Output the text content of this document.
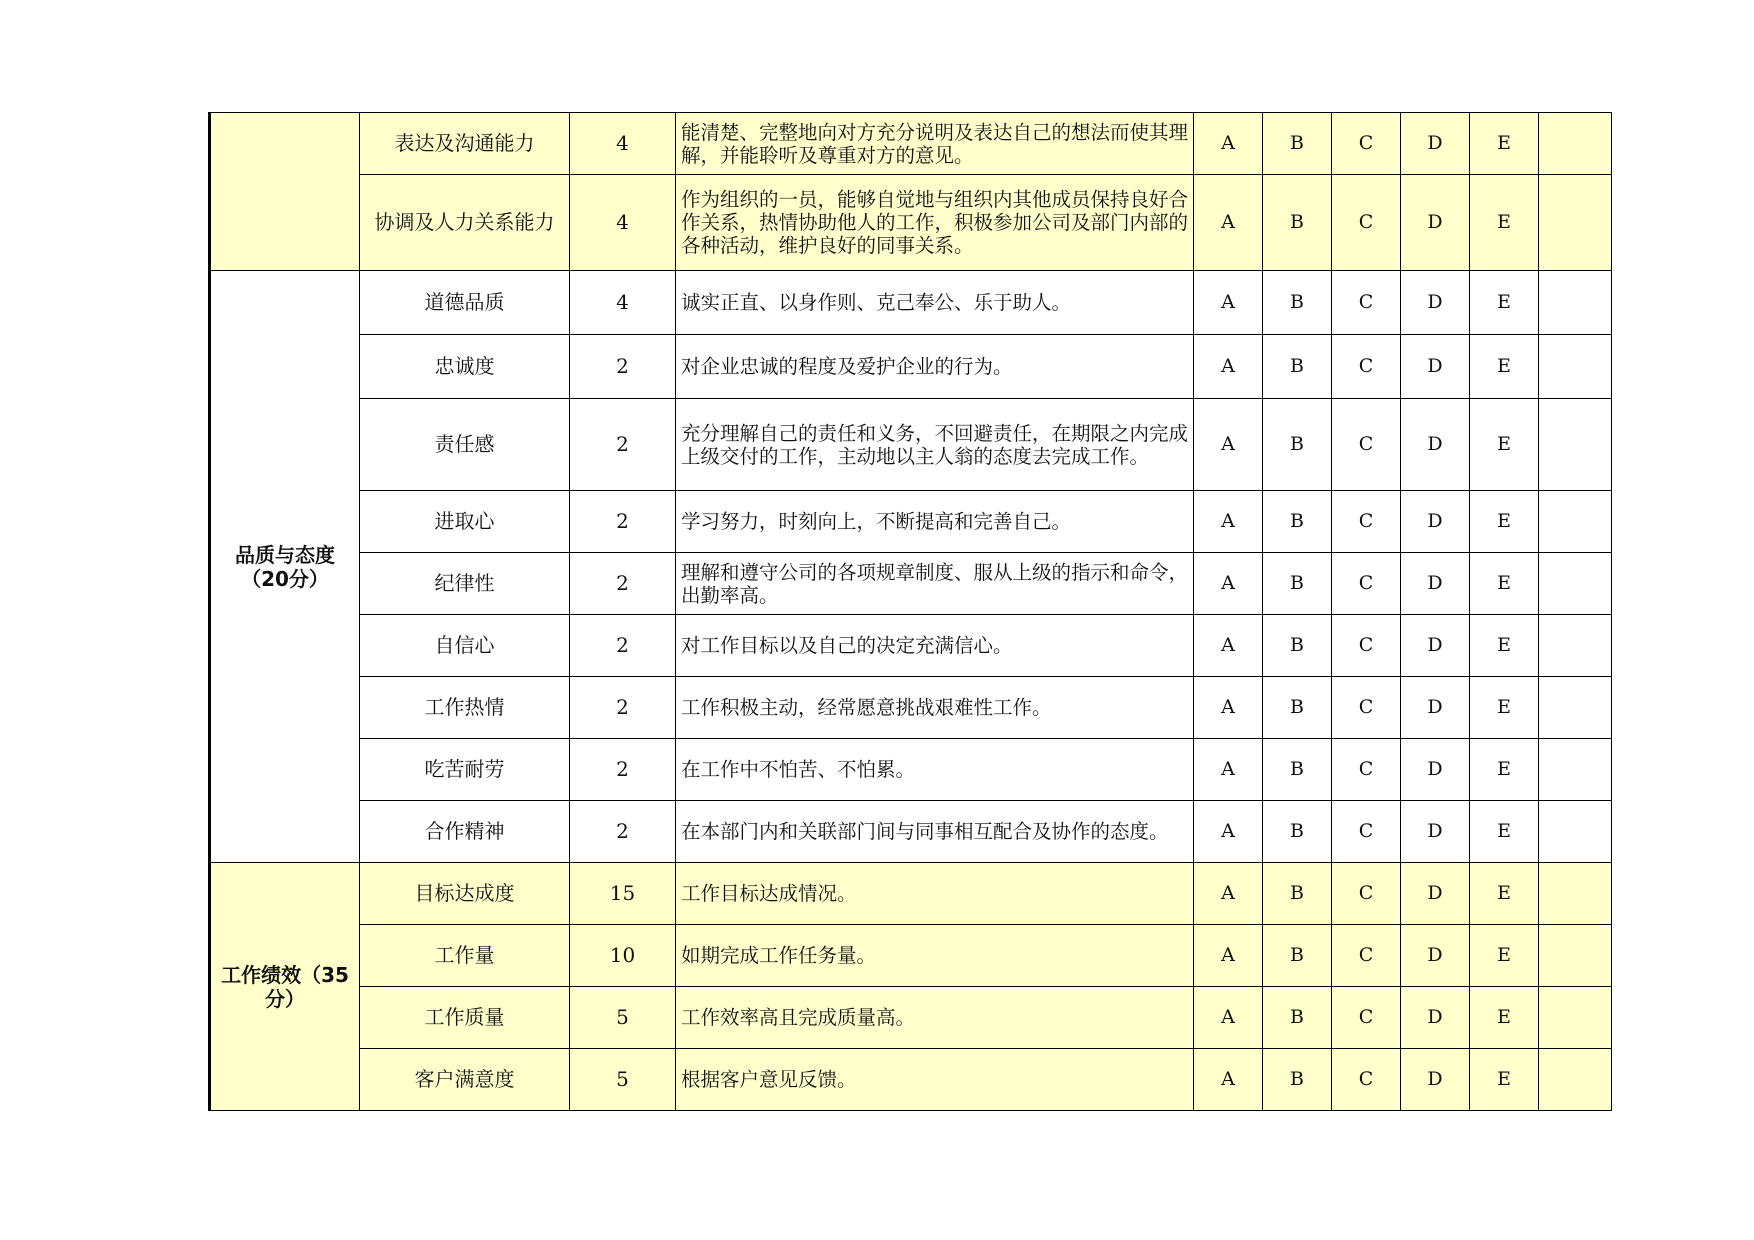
	表达及沟通能力	4	能清楚、完整地向对方充分说明及表达自己的想法而使其理解，并能聆听及尊重对方的意见。	A	B	C	D	E	
	协调及人力关系能力	4	作为组织的一员，能够自觉地与组织内其他成员保持良好合作关系，热情协助他人的工作，积极参加公司及部门内部的各种活动，维护良好的同事关系。	A	B	C	D	E	
品质与态度（20分）	道德品质	4	诚实正直、以身作则、克己奉公、乐于助人。	A	B	C	D	E	
	忠诚度	2	对企业忠诚的程度及爱护企业的行为。	A	B	C	D	E	
	责任感	2	充分理解自己的责任和义务，不回避责任，在期限之内完成上级交付的工作，主动地以主人翁的态度去完成工作。	A	B	C	D	E	
	进取心	2	学习努力，时刻向上，不断提高和完善自己。	A	B	C	D	E	
	纪律性	2	理解和遵守公司的各项规章制度、服从上级的指示和命令，出勤率高。	A	B	C	D	E	
	自信心	2	对工作目标以及自己的决定充满信心。	A	B	C	D	E	
	工作热情	2	工作积极主动，经常愿意挑战艰难性工作。	A	B	C	D	E	
	吃苦耐劳	2	在工作中不怕苦、不怕累。	A	B	C	D	E	
	合作精神	2	在本部门内和关联部门间与同事相互配合及协作的态度。	A	B	C	D	E	
工作绩效（35分）	目标达成度	15	工作目标达成情况。	A	B	C	D	E	
	工作量	10	如期完成工作任务量。	A	B	C	D	E	
	工作质量	5	工作效率高且完成质量高。	A	B	C	D	E	
	客户满意度	5	根据客户意见反馈。	A	B	C	D	E	
